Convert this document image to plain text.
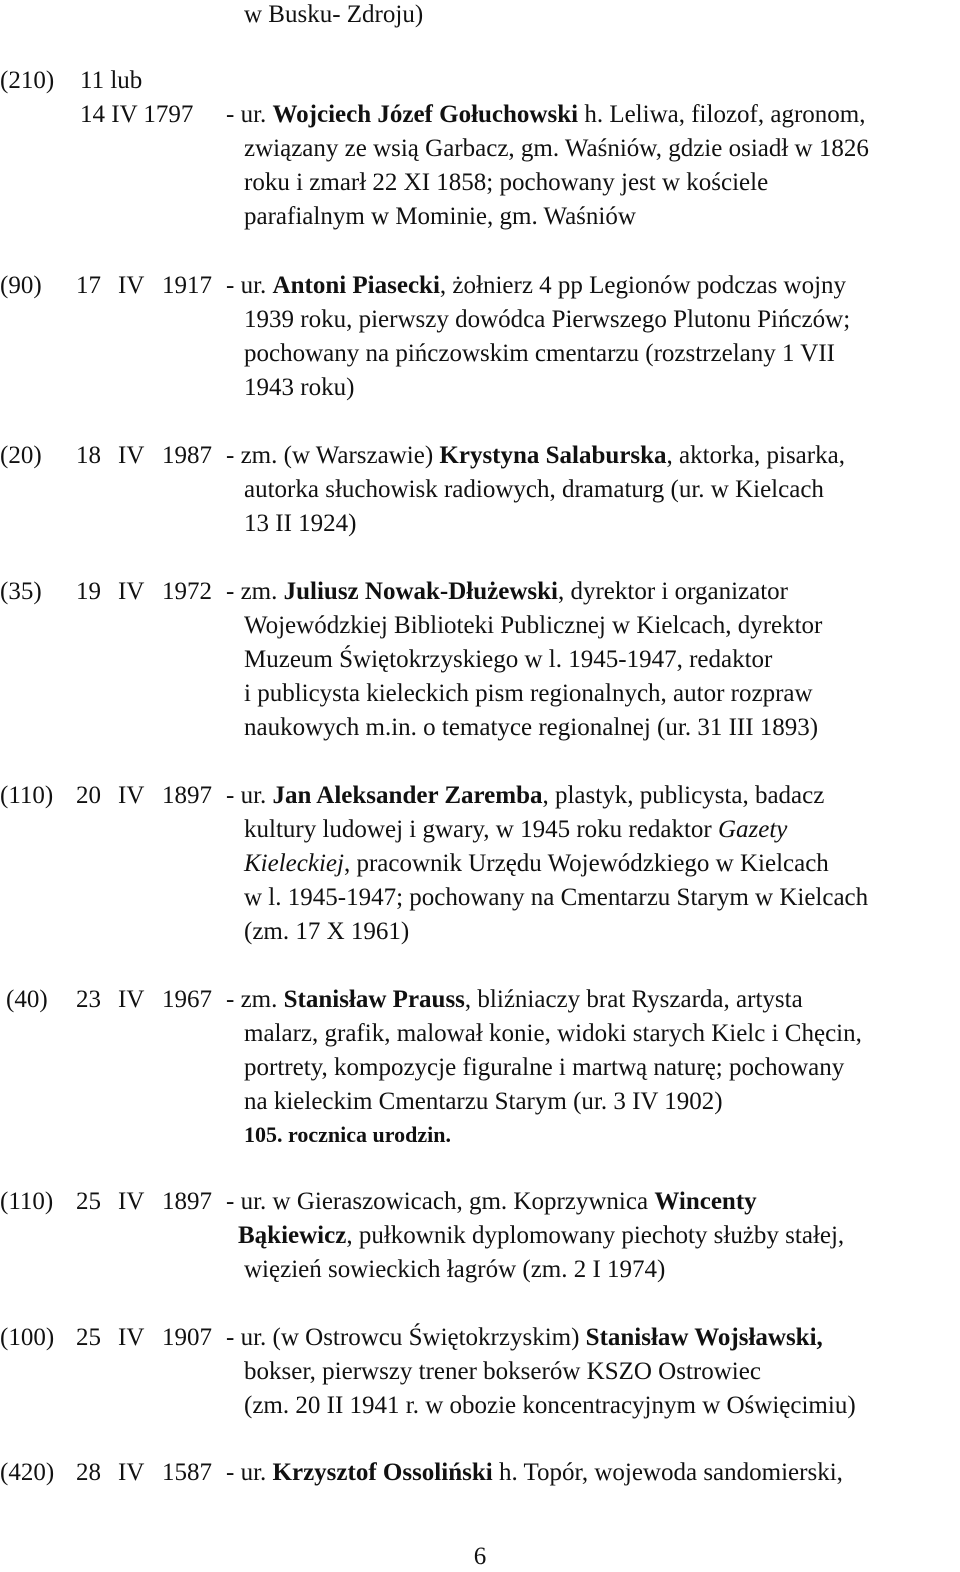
w Busku- Zdroju)
(210) 11 lub
14 IV 1797 - ur. Wojciech Józef Gołuchowski h. Leliwa, filozof, agronom,
związany ze wsią Garbacz, gm. Waśniów, gdzie osiadł w 1826
roku i zmarł 22 XI 1858; pochowany jest w kościele
parafialnym w Mominie, gm. Waśniów
(90) 17 IV 1917 - ur. Antoni Piasecki, żołnierz 4 pp Legionów podczas wojny
1939 roku, pierwszy dowódca Pierwszego Plutonu Pińczów;
pochowany na pińczowskim cmentarzu (rozstrzelany 1 VII
1943 roku)
(20) 18 IV 1987 - zm. (w Warszawie) Krystyna Salaburska, aktorka, pisarka,
autorka słuchowisk radiowych, dramaturg (ur. w Kielcach
13 II 1924)
(35) 19 IV 1972 - zm. Juliusz Nowak-Dłużewski, dyrektor i organizator
Wojewódzkiej Biblioteki Publicznej w Kielcach, dyrektor
Muzeum Świętokrzyskiego w l. 1945-1947, redaktor
i publicysta kieleckich pism regionalnych, autor rozpraw
naukowych m.in. o tematyce regionalnej (ur. 31 III 1893)
(110) 20 IV 1897 - ur. Jan Aleksander Zaremba, plastyk, publicysta, badacz
kultury ludowej i gwary, w 1945 roku redaktor Gazety
Kieleckiej, pracownik Urzędu Wojewódzkiego w Kielcach
w l. 1945-1947; pochowany na Cmentarzu Starym w Kielcach
(zm. 17 X 1961)
(40) 23 IV 1967 - zm. Stanisław Prauss, bliźniaczy brat Ryszarda, artysta
malarz, grafik, malował konie, widoki starych Kielc i Chęcin,
portrety, kompozycje figuralne i martwą naturę; pochowany
na kieleckim Cmentarzu Starym (ur. 3 IV 1902)
105. rocznica urodzin.
(110) 25 IV 1897 - ur. w Gieraszowicach, gm. Koprzywnica Wincenty
Bąkiewicz, pułkownik dyplomowany piechoty służby stałej,
więzień sowieckich łagrów (zm. 2 I 1974)
(100) 25 IV 1907 - ur. (w Ostrowcu Świętokrzyskim) Stanisław Wojsławski,
bokser, pierwszy trener bokserów KSZO Ostrowiec
(zm. 20 II 1941 r. w obozie koncentracyjnym w Oświęcimiu)
(420) 28 IV 1587 - ur. Krzysztof Ossoliński h. Topór, wojewoda sandomierski,
6
